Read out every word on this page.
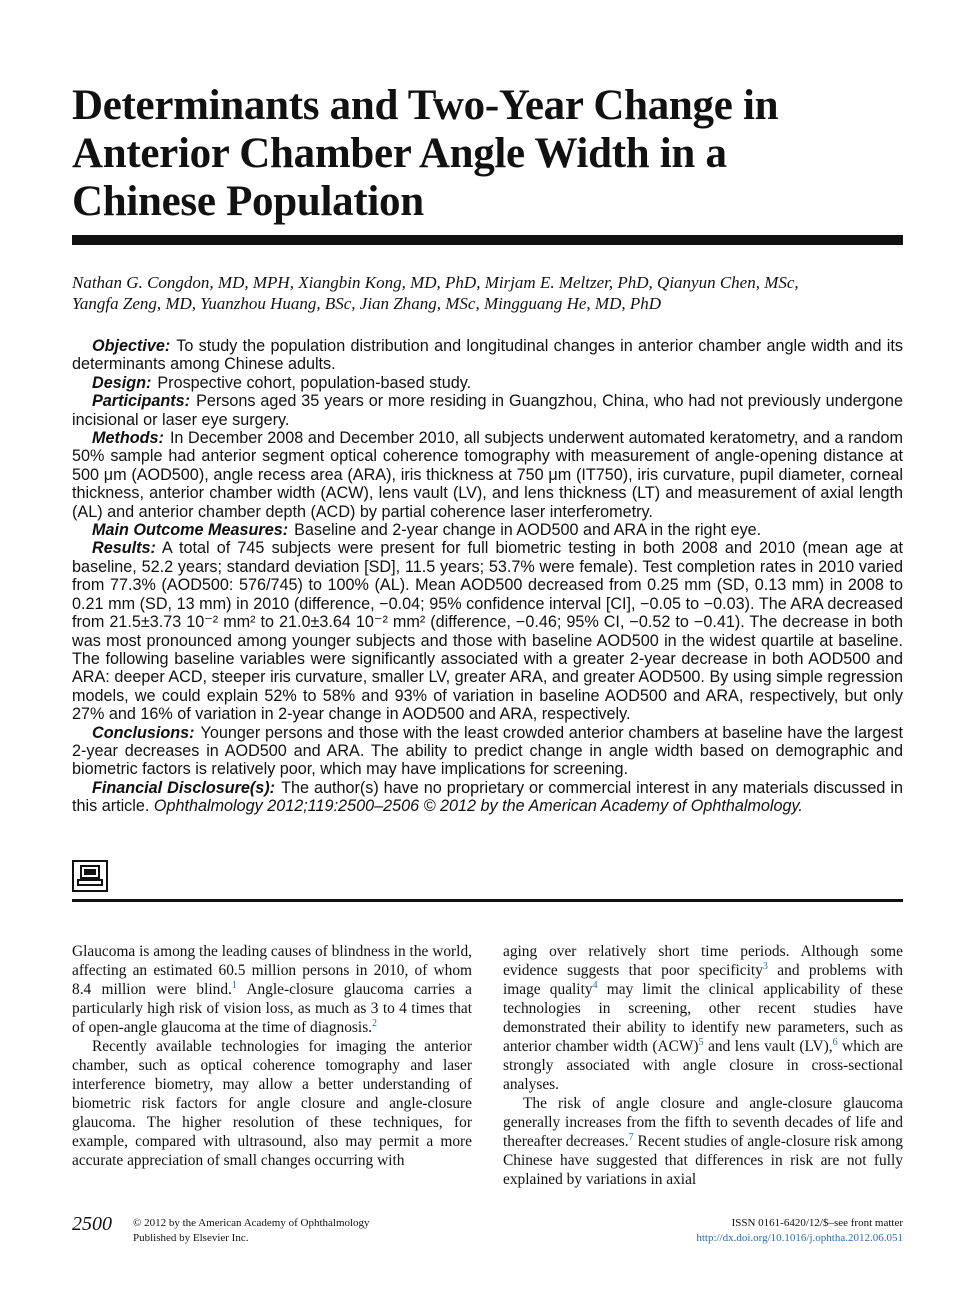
Determinants and Two-Year Change in
Anterior Chamber Angle Width in a
Chinese Population
Nathan G. Congdon, MD, MPH, Xiangbin Kong, MD, PhD, Mirjam E. Meltzer, PhD, Qianyun Chen, MSc,
Yangfa Zeng, MD, Yuanzhou Huang, BSc, Jian Zhang, MSc, Mingguang He, MD, PhD

Objective: To study the population distribution and longitudinal changes in anterior chamber angle width and its determinants among Chinese adults.

Design: Prospective cohort, population-based study.

Participants: Persons aged 35 years or more residing in Guangzhou, China, who had not previously undergone incisional or laser eye surgery.

Methods: In December 2008 and December 2010, all subjects underwent automated keratometry, and a random 50% sample had anterior segment optical coherence tomography with measurement of angle-opening distance at 500 μm (AOD500), angle recess area (ARA), iris thickness at 750 μm (IT750), iris curvature, pupil diameter, corneal thickness, anterior chamber width (ACW), lens vault (LV), and lens thickness (LT) and measurement of axial length (AL) and anterior chamber depth (ACD) by partial coherence laser interferometry.

Main Outcome Measures: Baseline and 2-year change in AOD500 and ARA in the right eye.

Results: A total of 745 subjects were present for full biometric testing in both 2008 and 2010 (mean age at baseline, 52.2 years; standard deviation [SD], 11.5 years; 53.7% were female). Test completion rates in 2010 varied from 77.3% (AOD500: 576/745) to 100% (AL). Mean AOD500 decreased from 0.25 mm (SD, 0.13 mm) in 2008 to 0.21 mm (SD, 13 mm) in 2010 (difference, −0.04; 95% confidence interval [CI], −0.05 to −0.03). The ARA decreased from 21.5±3.73 10⁻² mm² to 21.0±3.64 10⁻² mm² (difference, −0.46; 95% CI, −0.52 to −0.41). The decrease in both was most pronounced among younger subjects and those with baseline AOD500 in the widest quartile at baseline. The following baseline variables were significantly associated with a greater 2-year decrease in both AOD500 and ARA: deeper ACD, steeper iris curvature, smaller LV, greater ARA, and greater AOD500. By using simple regression models, we could explain 52% to 58% and 93% of variation in baseline AOD500 and ARA, respectively, but only 27% and 16% of variation in 2-year change in AOD500 and ARA, respectively.

Conclusions: Younger persons and those with the least crowded anterior chambers at baseline have the largest 2-year decreases in AOD500 and ARA. The ability to predict change in angle width based on demographic and biometric factors is relatively poor, which may have implications for screening.

Financial Disclosure(s): The author(s) have no proprietary or commercial interest in any materials discussed in this article. Ophthalmology 2012;119:2500–2506 © 2012 by the American Academy of Ophthalmology.

Glaucoma is among the leading causes of blindness in the world, affecting an estimated 60.5 million persons in 2010, of whom 8.4 million were blind.$^1$ Angle-closure glaucoma carries a particularly high risk of vision loss, as much as 3 to 4 times that of open-angle glaucoma at the time of diagnosis.$^2$

Recently available technologies for imaging the anterior chamber, such as optical coherence tomography and laser interference biometry, may allow a better understanding of biometric risk factors for angle closure and angle-closure glaucoma. The higher resolution of these techniques, for example, compared with ultrasound, also may permit a more accurate appreciation of small changes occurring with

aging over relatively short time periods. Although some evidence suggests that poor specificity$^3$ and problems with image quality$^4$ may limit the clinical applicability of these technologies in screening, other recent studies have demonstrated their ability to identify new parameters, such as anterior chamber width (ACW)$^5$ and lens vault (LV),$^6$ which are strongly associated with angle closure in cross-sectional analyses.

The risk of angle closure and angle-closure glaucoma generally increases from the fifth to seventh decades of life and thereafter decreases.$^7$ Recent studies of angle-closure risk among Chinese have suggested that differences in risk are not fully explained by variations in axial

2500 © 2012 by the American Academy of Ophthalmology
Published by Elsevier Inc.
ISSN 0161-6420/12/$–see front matter
http://dx.doi.org/10.1016/j.ophtha.2012.06.051
